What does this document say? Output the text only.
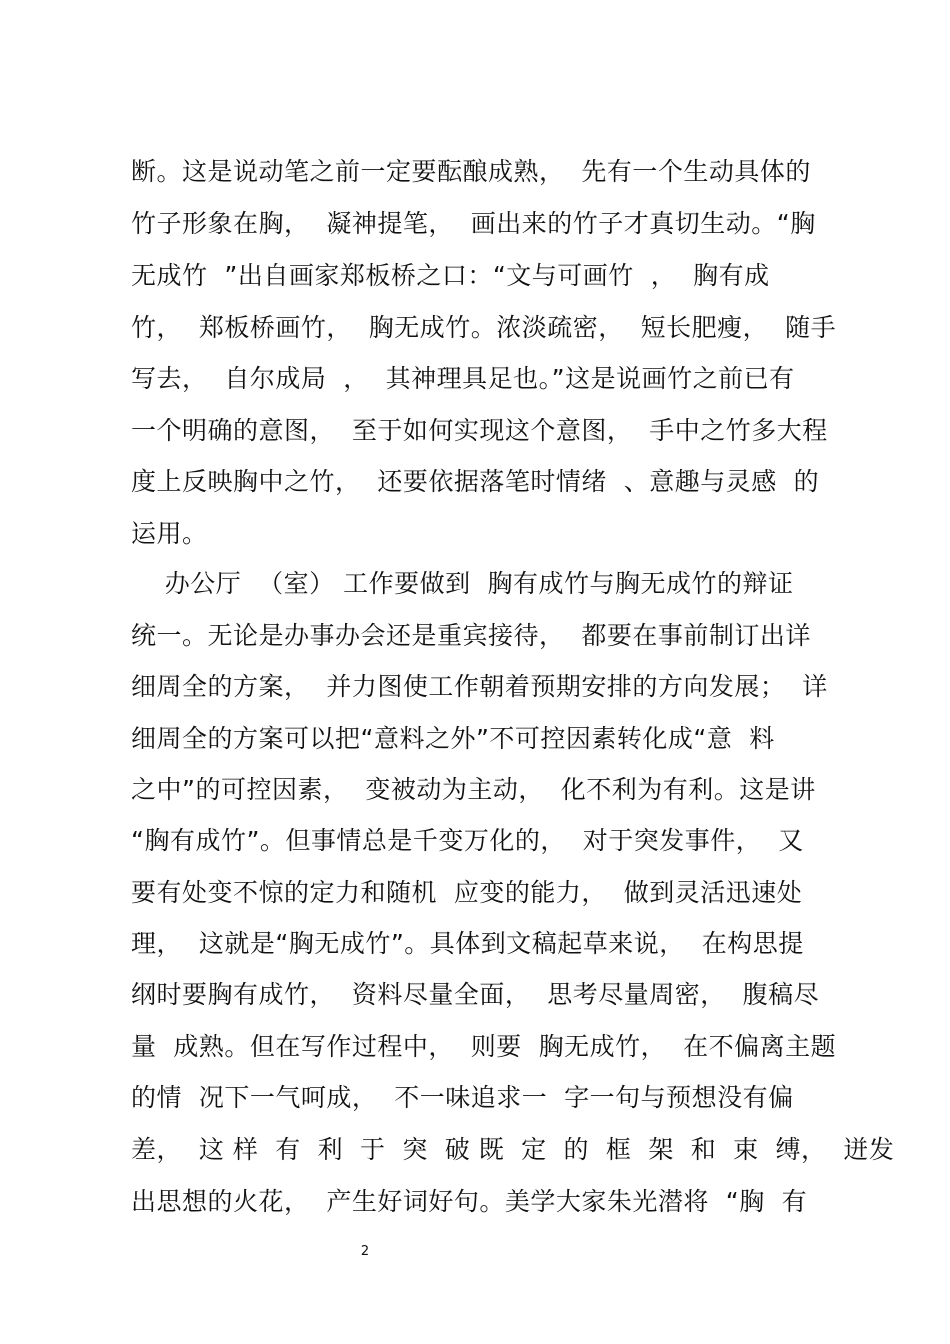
断。这是说动笔之前一定要酝酿成熟，  先有一个生动具体的
竹子形象在胸，  凝神提笔，  画出来的竹子才真切生动。“胸
无成竹  ”出自画家郑板桥之口：“文与可画竹  ，  胸有成
竹，  郑板桥画竹，  胸无成竹。浓淡疏密，  短长肥瘦，  随手
写去，  自尔成局  ，  其神理具足也。”这是说画竹之前已有
一个明确的意图，  至于如何实现这个意图，  手中之竹多大程
度上反映胸中之竹，  还要依据落笔时情绪  、意趣与灵感  的
运用。
办公厅  （室） 工作要做到  胸有成竹与胸无成竹的辩证
统一。无论是办事办会还是重宾接待，  都要在事前制订出详
细周全的方案，  并力图使工作朝着预期安排的方向发展；  详
细周全的方案可以把“意料之外”不可控因素转化成“意  料
之中”的可控因素，  变被动为主动，  化不利为有利。这是讲
“胸有成竹”。但事情总是千变万化的，  对于突发事件，  又
要有处变不惊的定力和随机  应变的能力，  做到灵活迅速处
理，  这就是“胸无成竹”。具体到文稿起草来说，  在构思提
纲时要胸有成竹，  资料尽量全面，  思考尽量周密，  腹稿尽
量  成熟。但在写作过程中，  则要  胸无成竹，  在不偏离主题
的情  况下一气呵成，  不一味追求一  字一句与预想没有偏
差，  这 样  有  利  于  突  破 既  定  的  框  架  和  束  缚，  迸发
出思想的火花，  产生好词好句。美学大家朱光潜将  “胸  有
2
